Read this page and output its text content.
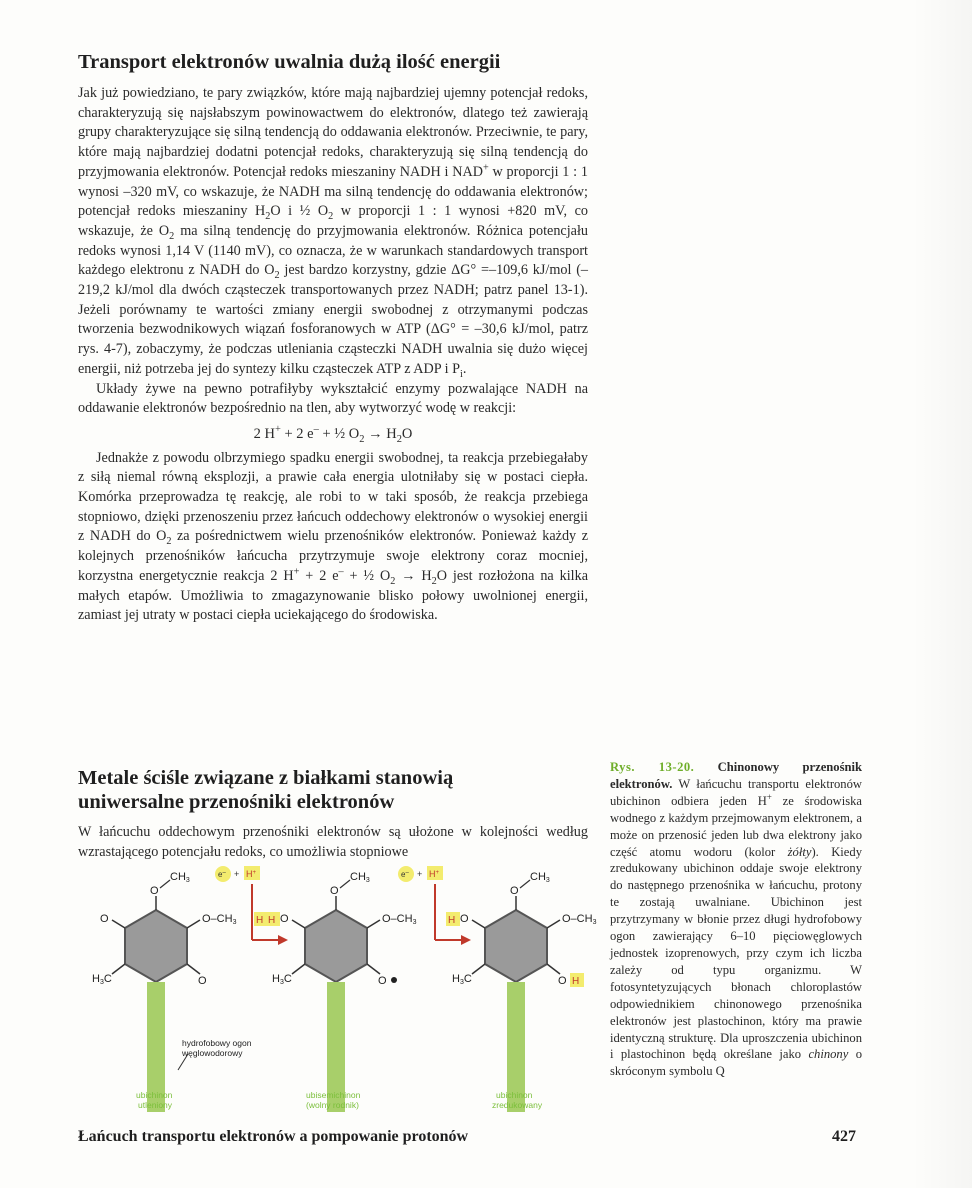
Transport elektronów uwalnia dużą ilość energii

Jak już powiedziano, te pary związków, które mają najbardziej ujemny potencjał redoks, charakteryzują się najsłabszym powinowactwem do elektronów, dlatego też zawierają grupy charakteryzujące się silną tendencją do oddawania elektronów. Przeciwnie, te pary, które mają najbardziej dodatni potencjał redoks, charakteryzują się silną tendencją do przyjmowania elektronów. Potencjał redoks mieszaniny NADH i NAD+ w proporcji 1 : 1 wynosi –320 mV, co wskazuje, że NADH ma silną tendencję do oddawania elektronów; potencjał redoks mieszaniny $H_2O$ i ½ $O_2$ w proporcji 1 : 1 wynosi +820 mV, co wskazuje, że $O_2$ ma silną tendencję do przyjmowania elektronów. Różnica potencjału redoks wynosi 1,14 V (1140 mV), co oznacza, że w warunkach standardowych transport każdego elektronu z NADH do $O_2$ jest bardzo korzystny, gdzie ΔG° =–109,6 kJ/mol (–219,2 kJ/mol dla dwóch cząsteczek transportowanych przez NADH; patrz panel 13-1). Jeżeli porównamy te wartości zmiany energii swobodnej z otrzymanymi podczas tworzenia bezwodnikowych wiązań fosforanowych w ATP (ΔG° = –30,6 kJ/mol, patrz rys. 4-7), zobaczymy, że podczas utleniania cząsteczki NADH uwalnia się dużo więcej energii, niż potrzeba jej do syntezy kilku cząsteczek ATP z ADP i $P_i$.

Układy żywe na pewno potrafiłyby wykształcić enzymy pozwalające NADH na oddawanie elektronów bezpośrednio na tlen, aby wytworzyć wodę w reakcji:

2 H+ + 2 e– + ½ $O_2 \to H_2O$

Jednakże z powodu olbrzymiego spadku energii swobodnej, ta reakcja przebiegałaby z siłą niemal równą eksplozji, a prawie cała energia ulotniłaby się w postaci ciepła. Komórka przeprowadza tę reakcję, ale robi to w taki sposób, że reakcja przebiega stopniowo, dzięki przenoszeniu przez łańcuch oddechowy elektronów o wysokiej energii z NADH do $O_2$ za pośrednictwem wielu przenośników elektronów. Ponieważ każdy z kolejnych przenośników łańcucha przytrzymuje swoje elektrony coraz mocniej, korzystna energetycznie reakcja 2 H+ + 2 e– + ½ $O_2 \to H_2O$ jest rozłożona na kilka małych etapów. Umożliwia to zmagazynowanie blisko połowy uwolnionej energii, zamiast jej utraty w postaci ciepła uciekającego do środowiska.

Metale ściśle związane z białkami stanowią uniwersalne przenośniki elektronów

W łańcuchu oddechowym przenośniki elektronów są ułożone w kolejności według wzrastającego potencjału redoks, co umożliwia stopniowe

Rys. 13-20. Chinonowy przenośnik elektronów. W łańcuchu transportu elektronów ubichinon odbiera jeden H+ ze środowiska wodnego z każdym przejmowanym elektronem, a może on przenosić jeden lub dwa elektrony jako część atomu wodoru (kolor żółty). Kiedy zredukowany ubichinon oddaje swoje elektrony do następnego przenośnika w łańcuchu, protony te zostają uwalniane. Ubichinon jest przytrzymany w błonie przez długi hydrofobowy ogon zawierający 6–10 pięciowęglowych jednostek izoprenowych, przy czym ich liczba zależy od typu organizmu. W fotosyntetyzujących błonach chloroplastów odpowiednikiem chinonowego przenośnika elektronów jest plastochinon, który ma prawie identyczną strukturę. Dla uproszczenia ubichinon i plastochinon będą określane jako chinony o skróconym symbolu Q
O
CH3
O	O–CH3
H3C	O
ubichinon
utleniony
hydrofobowy ogon
węglowodorowy
e– + H+
H
O
CH3
H O	O–CH3
H3C	O
ubisemichinon
(wolny rodnik)
e– + H+
O
CH3
H O	O–CH3
H3C	O H
ubichinon
zredukowany
Łańcuch transportu elektronów a pompowanie protonów	427
